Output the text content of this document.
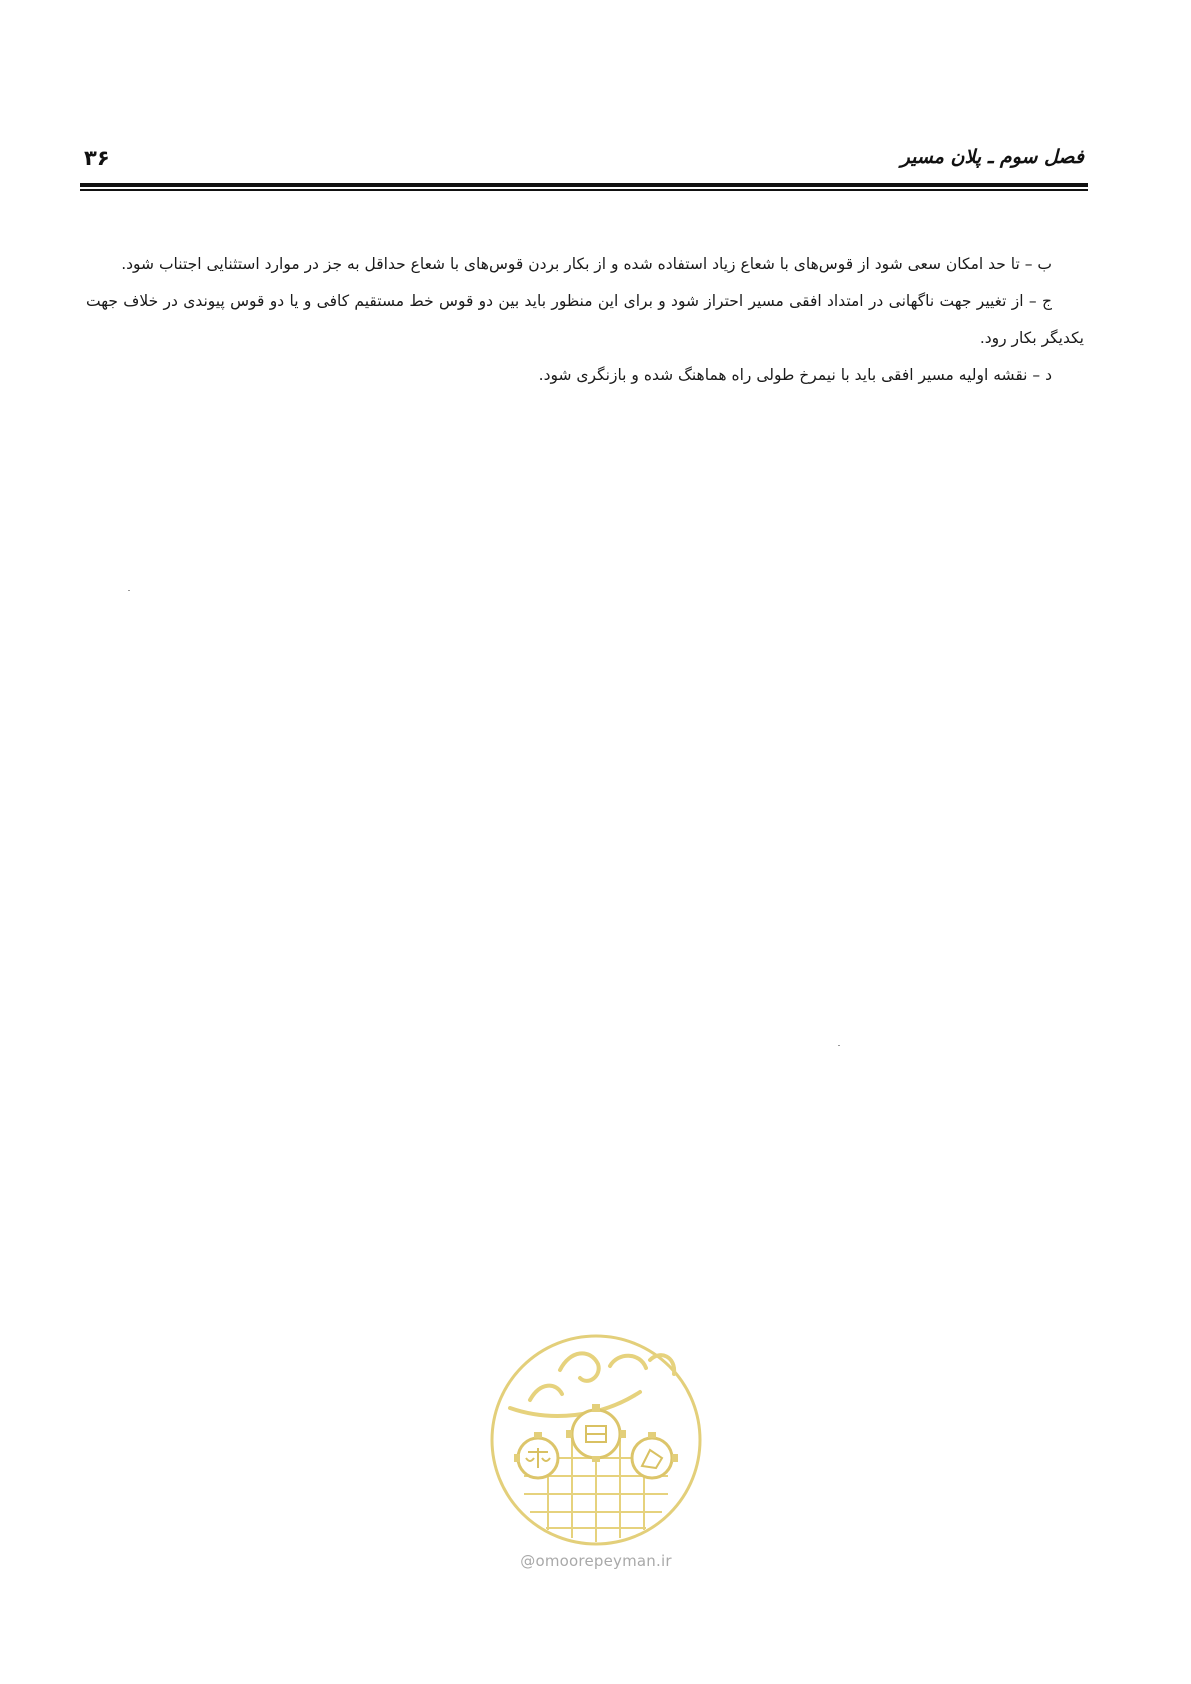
۳۶	فصل سوم ـ پلان مسیر

ب – تا حد امکان سعی شود از قوس‌های با شعاع زیاد استفاده شده و از بکار بردن قوس‌های با شعاع حداقل به جز در موارد استثنایی اجتناب شود.

ج – از تغییر جهت ناگهانی در امتداد افقی مسیر احتراز شود و برای این منظور باید بین دو قوس خط مستقیم کافی و یا دو قوس پیوندی در خلاف جهت یکدیگر بکار رود.

د – نقشه اولیه مسیر افقی باید با نیمرخ طولی راه هماهنگ شده و بازنگری شود.

@omoorepeyman.ir
